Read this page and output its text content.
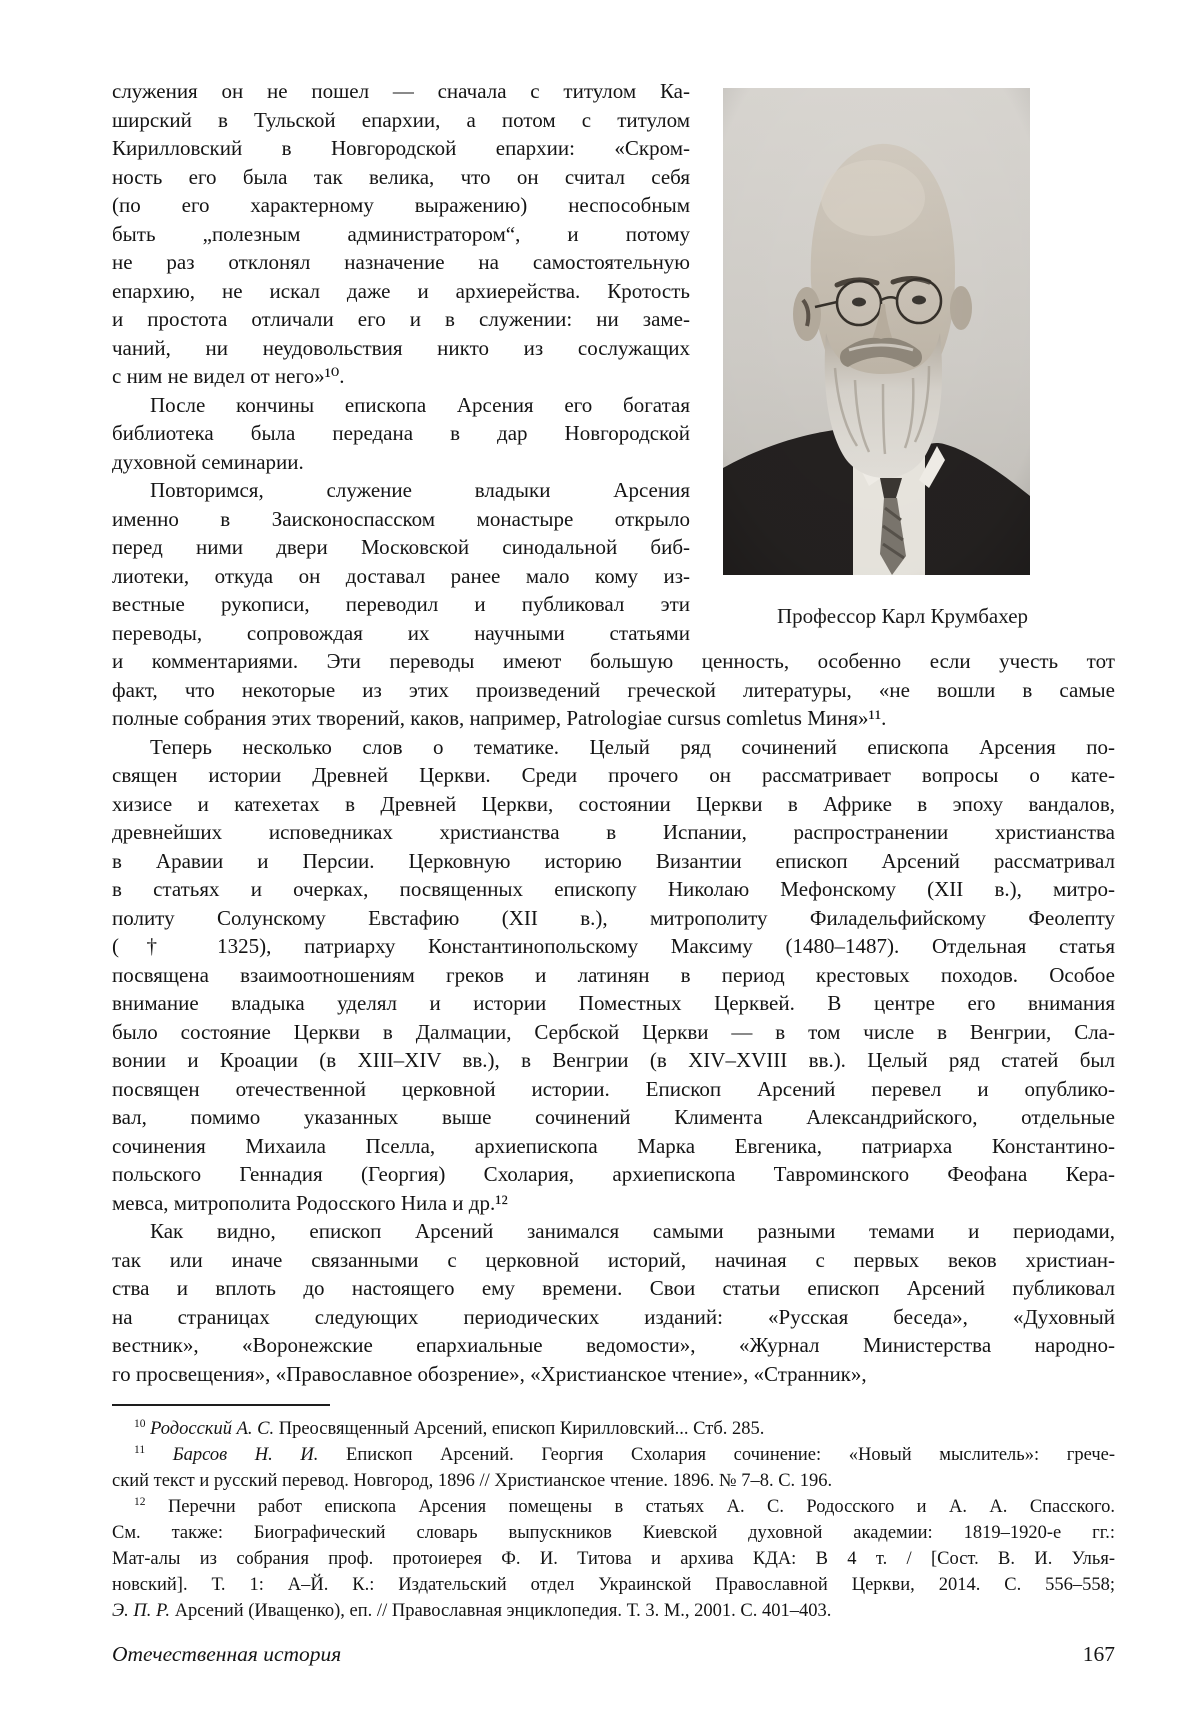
Профессор Карл Крумбахер
служения он не пошел — сначала с титулом Ка-
ширский в Тульской епархии, а потом с титулом
Кирилловский в Новгородской епархии: «Скром-
ность его была так велика, что он считал себя
(по его характерному выражению) неспособным
быть „полезным администратором“, и потому
не раз отклонял назначение на самостоятельную
епархию, не искал даже и архиерейства. Кротость
и простота отличали его и в служении: ни заме-
чаний, ни неудовольствия никто из сослужащих
с ним не видел от него»¹⁰.
После кончины епископа Арсения его богатая
библиотека была передана в дар Новгородской
духовной семинарии.
Повторимся, служение владыки Арсения
именно в Заисконоспасском монастыре открыло
перед ними двери Московской синодальной биб-
лиотеки, откуда он доставал ранее мало кому из-
вестные рукописи, переводил и публиковал эти
переводы, сопровождая их научными статьями
и комментариями. Эти переводы имеют большую ценность, особенно если учесть тот
факт, что некоторые из этих произведений греческой литературы, «не вошли в самые
полные собрания этих творений, каков, например, Patrologiae cursus comletus Миня»¹¹.
Теперь несколько слов о тематике. Целый ряд сочинений епископа Арсения по-
священ истории Древней Церкви. Среди прочего он рассматривает вопросы о кате-
хизисе и катехетах в Древней Церкви, состоянии Церкви в Африке в эпоху вандалов,
древнейших исповедниках христианства в Испании, распространении христианства
в Аравии и Персии. Церковную историю Византии епископ Арсений рассматривал
в статьях и очерках, посвященных епископу Николаю Мефонскому (XII в.), митро-
политу Солунскому Евстафию (XII в.), митрополиту Филадельфийскому Феолепту
(† 1325), патриарху Константинопольскому Максиму (1480–1487). Отдельная статья
посвящена взаимоотношениям греков и латинян в период крестовых походов. Особое
внимание владыка уделял и истории Поместных Церквей. В центре его внимания
было состояние Церкви в Далмации, Сербской Церкви — в том числе в Венгрии, Сла-
вонии и Кроации (в XIII–XIV вв.), в Венгрии (в XIV–XVIII вв.). Целый ряд статей был
посвящен отечественной церковной истории. Епископ Арсений перевел и опублико-
вал, помимо указанных выше сочинений Климента Александрийского, отдельные
сочинения Михаила Пселла, архиепископа Марка Евгеника, патриарха Константино-
польского Геннадия (Георгия) Схолария, архиепископа Тавроминского Феофана Кера-
мевса, митрополита Родосского Нила и др.¹²
Как видно, епископ Арсений занимался самыми разными темами и периодами,
так или иначе связанными с церковной историй, начиная с первых веков христиан-
ства и вплоть до настоящего ему времени. Свои статьи епископ Арсений публиковал
на страницах следующих периодических изданий: «Русская беседа», «Духовный
вестник», «Воронежские епархиальные ведомости», «Журнал Министерства народно-
го просвещения», «Православное обозрение», «Христианское чтение», «Странник»,
$^{10}$ Родосский А. С. Преосвященный Арсений, епископ Кирилловский... Стб. 285.
$^{11}$ Барсов Н. И. Епископ Арсений. Георгия Схолария сочинение: «Новый мыслитель»: грече-
ский текст и русский перевод. Новгород, 1896 // Христианское чтение. 1896. № 7–8. С. 196.
$^{12}$ Перечни работ епископа Арсения помещены в статьях А. С. Родосского и А. А. Спасского.
См. также: Биографический словарь выпускников Киевской духовной академии: 1819–1920-е гг.:
Мат-алы из собрания проф. протоиерея Ф. И. Титова и архива КДА: В 4 т. / [Сост. В. И. Улья-
новский]. Т. 1: А–Й. К.: Издательский отдел Украинской Православной Церкви, 2014. С. 556–558;
Э. П. Р. Арсений (Иващенко), еп. // Православная энциклопедия. Т. 3. М., 2001. С. 401–403.
Отечественная история	167
